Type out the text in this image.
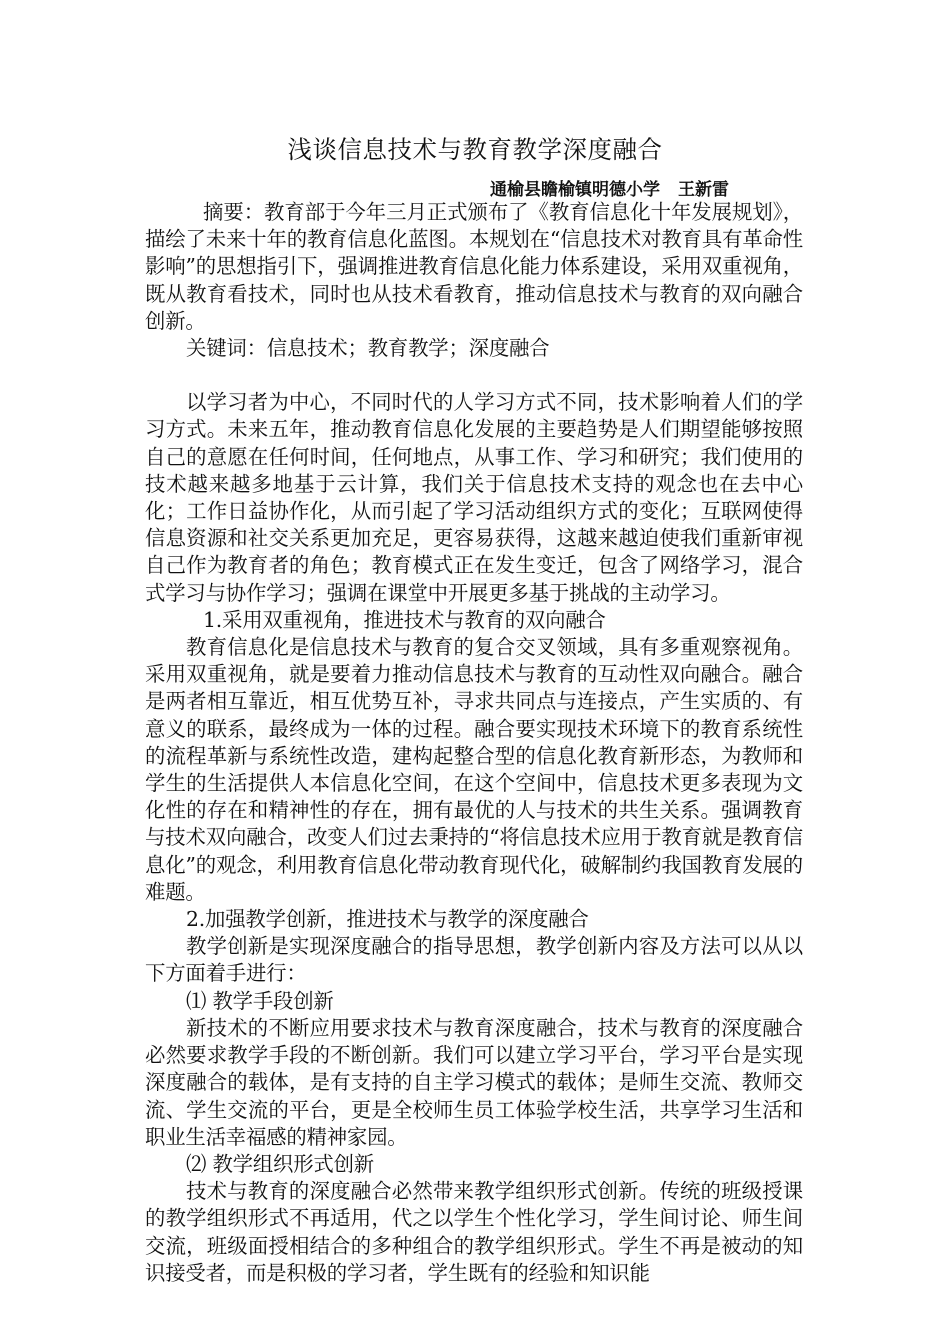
浅谈信息技术与教育教学深度融合
通榆县瞻榆镇明德小学 王新雷

摘要：教育部于今年三月正式颁布了《教育信息化十年发展规划》，描绘了未来十年的教育信息化蓝图。本规划在“信息技术对教育具有革命性影响”的思想指引下，强调推进教育信息化能力体系建设，采用双重视角，既从教育看技术，同时也从技术看教育，推动信息技术与教育的双向融合创新。

关键词：信息技术；教育教学；深度融合

以学习者为中心，不同时代的人学习方式不同，技术影响着人们的学习方式。未来五年，推动教育信息化发展的主要趋势是人们期望能够按照自己的意愿在任何时间，任何地点，从事工作、学习和研究；我们使用的技术越来越多地基于云计算，我们关于信息技术支持的观念也在去中心化；工作日益协作化，从而引起了学习活动组织方式的变化；互联网使得信息资源和社交关系更加充足，更容易获得，这越来越迫使我们重新审视自己作为教育者的角色；教育模式正在发生变迁，包含了网络学习，混合式学习与协作学习；强调在课堂中开展更多基于挑战的主动学习。

1.采用双重视角，推进技术与教育的双向融合

教育信息化是信息技术与教育的复合交叉领域，具有多重观察视角。采用双重视角，就是要着力推动信息技术与教育的互动性双向融合。融合是两者相互靠近，相互优势互补，寻求共同点与连接点，产生实质的、有意义的联系，最终成为一体的过程。融合要实现技术环境下的教育系统性的流程革新与系统性改造，建构起整合型的信息化教育新形态，为教师和学生的生活提供人本信息化空间，在这个空间中，信息技术更多表现为文化性的存在和精神性的存在，拥有最优的人与技术的共生关系。强调教育与技术双向融合，改变人们过去秉持的“将信息技术应用于教育就是教育信息化”的观念，利用教育信息化带动教育现代化，破解制约我国教育发展的难题。

2.加强教学创新，推进技术与教学的深度融合

教学创新是实现深度融合的指导思想，教学创新内容及方法可以从以下方面着手进行：

⑴ 教学手段创新

新技术的不断应用要求技术与教育深度融合，技术与教育的深度融合必然要求教学手段的不断创新。我们可以建立学习平台，学习平台是实现深度融合的载体，是有支持的自主学习模式的载体；是师生交流、教师交流、学生交流的平台，更是全校师生员工体验学校生活，共享学习生活和职业生活幸福感的精神家园。

⑵ 教学组织形式创新

技术与教育的深度融合必然带来教学组织形式创新。传统的班级授课的教学组织形式不再适用，代之以学生个性化学习，学生间讨论、师生间交流，班级面授相结合的多种组合的教学组织形式。学生不再是被动的知识接受者，而是积极的学习者，学生既有的经验和知识能
